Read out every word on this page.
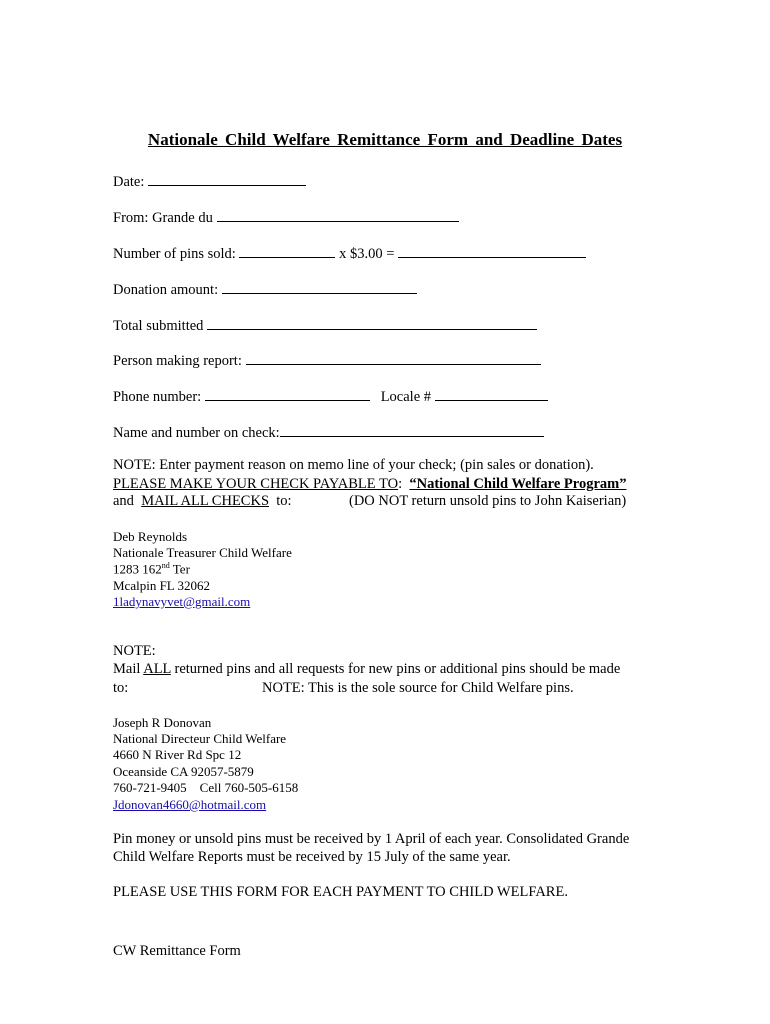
Nationale Child Welfare Remittance Form and Deadline Dates
Date:
From: Grande du
Number of pins sold:	x $3.00 =
Donation amount:
Total submitted
Person making report:
Phone number:	Locale #
Name and number on check:
NOTE: Enter payment reason on memo line of your check; (pin sales or donation).
PLEASE MAKE YOUR CHECK PAYABLE TO: “National Child Welfare Program”
and MAIL ALL CHECKS to:	(DO NOT return unsold pins to John Kaiserian)
Deb Reynolds
Nationale Treasurer Child Welfare
1283 162nd Ter
Mcalpin FL 32062
1ladynavyvet@gmail.com
NOTE:
Mail ALL returned pins and all requests for new pins or additional pins should be made
to:	NOTE: This is the sole source for Child Welfare pins.
Joseph R Donovan
National Directeur Child Welfare
4660 N River Rd Spc 12
Oceanside CA 92057-5879
760-721-9405 Cell 760-505-6158
Jdonovan4660@hotmail.com
Pin money or unsold pins must be received by 1 April of each year. Consolidated Grande
Child Welfare Reports must be received by 15 July of the same year.
PLEASE USE THIS FORM FOR EACH PAYMENT TO CHILD WELFARE.
CW Remittance Form
